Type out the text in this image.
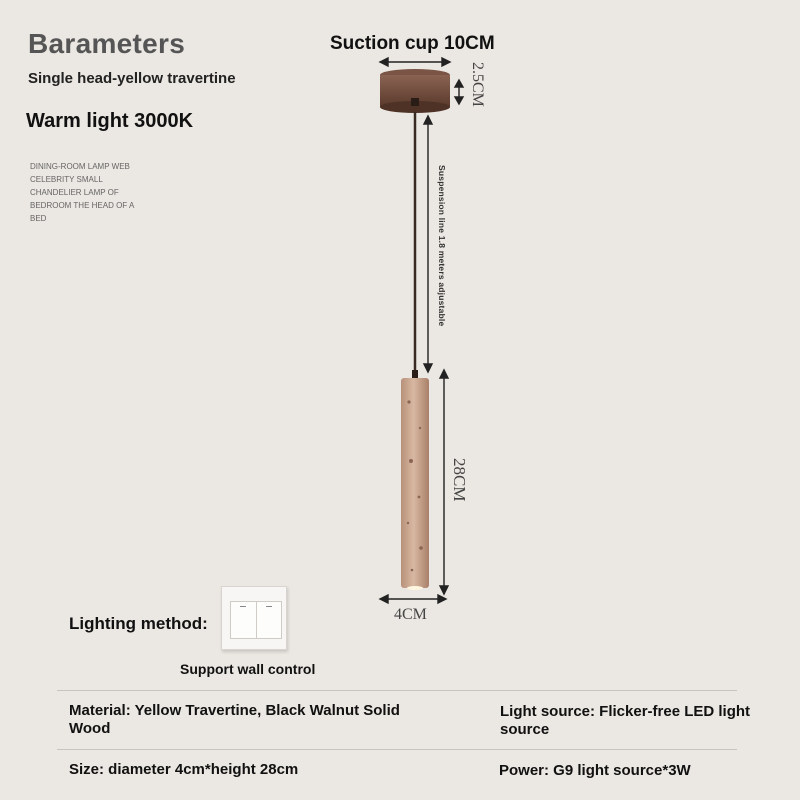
Barameters
Single head-yellow travertine
Warm light 3000K
DINING-ROOM LAMP WEB CELEBRITY SMALL CHANDELIER LAMP OF BEDROOM THE HEAD OF A BED
Suction cup 10CM
2.5CM
Suspension line 1.8 meters adjustable
28CM
4CM
Lighting method:
Support wall control
Material: Yellow Travertine, Black Walnut Solid Wood
Light source: Flicker-free LED light source
Size: diameter 4cm*height 28cm	Power: G9 light source*3W
